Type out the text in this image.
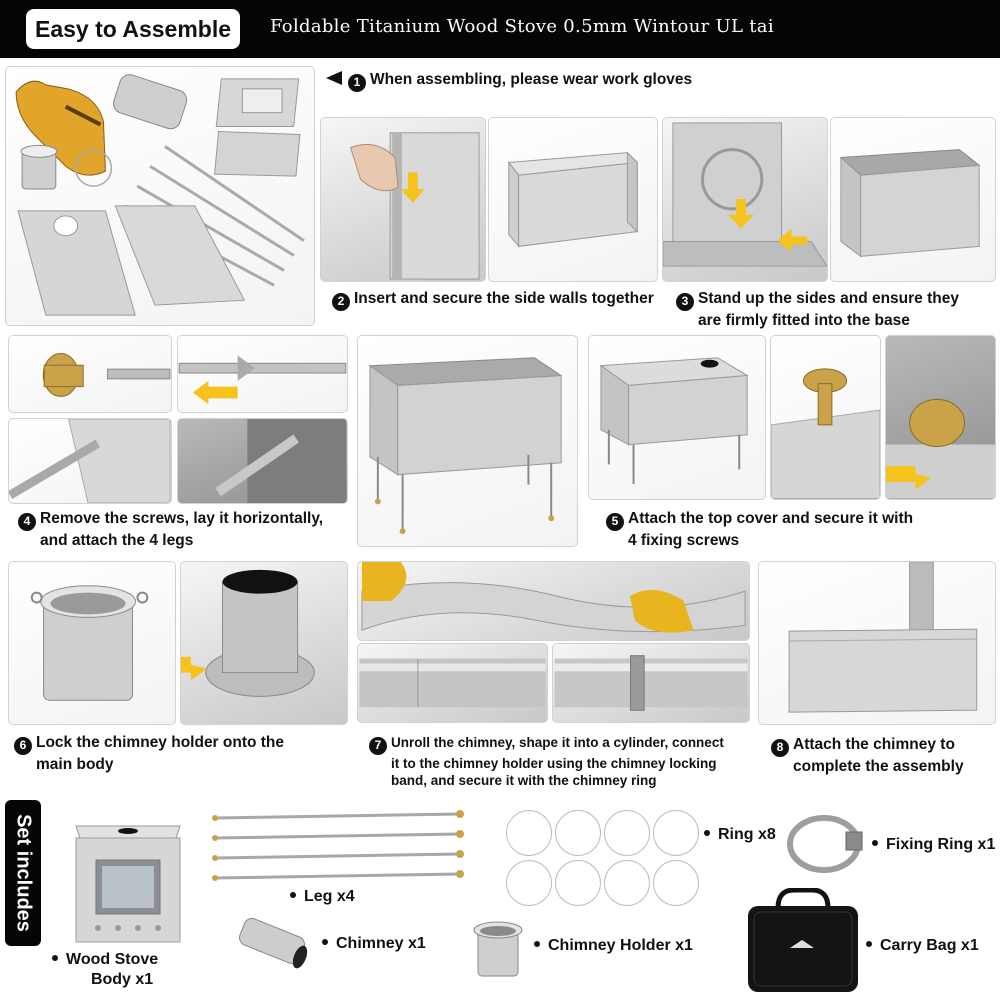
Easy to Assemble	Foldable Titanium Wood Stove 0.5mm Wintour UL tai
1 When assembling, please wear work gloves
2 Insert and secure the side walls together	3 Stand up the sides and ensure they
are firmly fitted into the base
4 Remove the screws, lay it horizontally,
and attach the 4 legs
5 Attach the top cover and secure it with
4 fixing screws
6 Lock the chimney holder onto the
main body
7 Unroll the chimney, shape it into a cylinder, connect
it to the chimney holder using the chimney locking
band, and secure it with the chimney ring
8 Attach the chimney to
complete the assembly
Set includes
Wood Stove
Body x1
Leg x4
Chimney x1	Chimney Holder x1
Ring x8
Fixing Ring x1
Carry Bag x1
